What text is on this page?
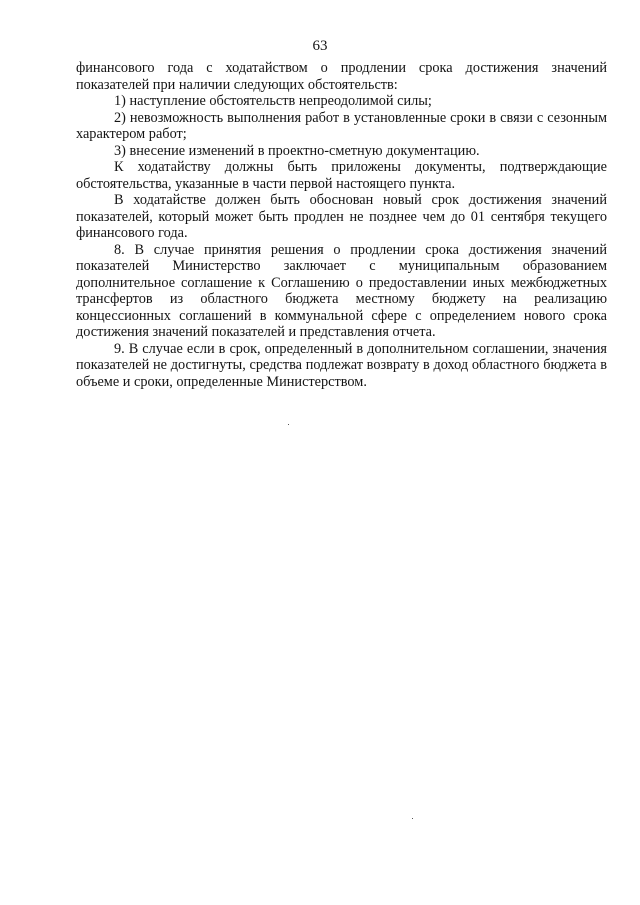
63

финансового года с ходатайством о продлении срока достижения значений показателей при наличии следующих обстоятельств:

1) наступление обстоятельств непреодолимой силы;

2) невозможность выполнения работ в установленные сроки в связи с сезонным характером работ;

3) внесение изменений в проектно-сметную документацию.

К ходатайству должны быть приложены документы, подтверждающие обстоятельства, указанные в части первой настоящего пункта.

В ходатайстве должен быть обоснован новый срок достижения значений показателей, который может быть продлен не позднее чем до 01 сентября текущего финансового года.

8. В случае принятия решения о продлении срока достижения значений показателей Министерство заключает с муниципальным образованием дополнительное соглашение к Соглашению о предоставлении иных межбюджетных трансфертов из областного бюджета местному бюджету на реализацию концессионных соглашений в коммунальной сфере с определением нового срока достижения значений показателей и представления отчета.

9. В случае если в срок, определенный в дополнительном соглашении, значения показателей не достигнуты, средства подлежат возврату в доход областного бюджета в объеме и сроки, определенные Министерством.
